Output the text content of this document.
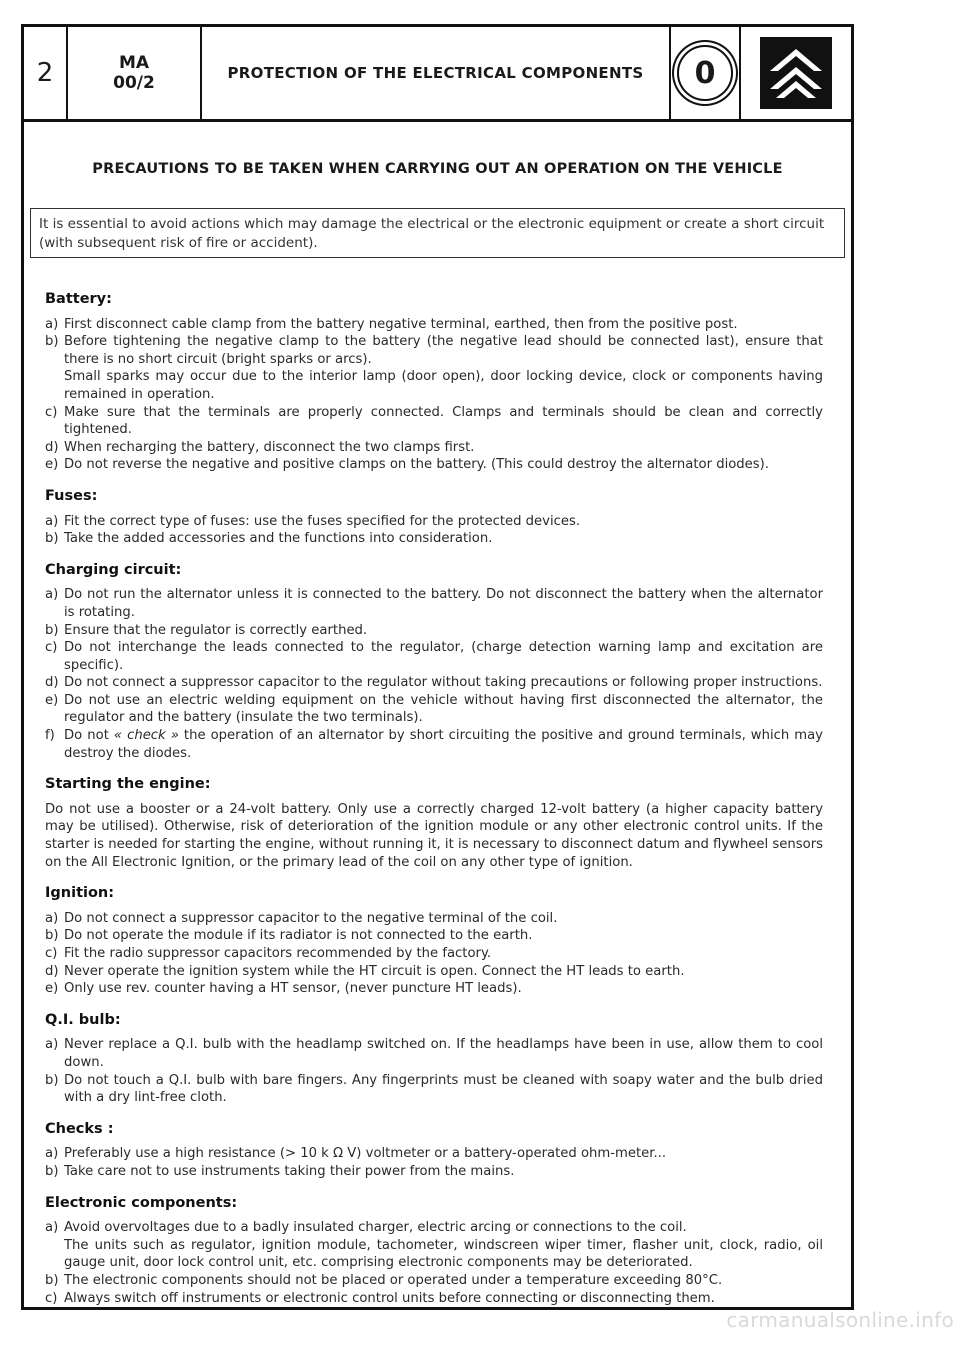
2	MA
00/2	PROTECTION OF THE ELECTRICAL COMPONENTS 0
PRECAUTIONS TO BE TAKEN WHEN CARRYING OUT AN OPERATION ON THE VEHICLE
It is essential to avoid actions which may damage the electrical or the electronic equipment or create a short circuit (with subsequent risk of fire or accident).
Battery:
a) First disconnect cable clamp from the battery negative terminal, earthed, then from the positive post.
b) Before tightening the negative clamp to the battery (the negative lead should be connected last), ensure that there is no short circuit (bright sparks or arcs).
Small sparks may occur due to the interior lamp (door open), door locking device, clock or components having remained in operation.
c) Make sure that the terminals are properly connected. Clamps and terminals should be clean and correctly tightened.
d) When recharging the battery, disconnect the two clamps first.
e) Do not reverse the negative and positive clamps on the battery. (This could destroy the alternator diodes).
Fuses:
a) Fit the correct type of fuses: use the fuses specified for the protected devices.
b) Take the added accessories and the functions into consideration.
Charging circuit:
a) Do not run the alternator unless it is connected to the battery. Do not disconnect the battery when the alternator is rotating.
b) Ensure that the regulator is correctly earthed.
c) Do not interchange the leads connected to the regulator, (charge detection warning lamp and excitation are specific).
d) Do not connect a suppressor capacitor to the regulator without taking precautions or following proper instructions.
e) Do not use an electric welding equipment on the vehicle without having first disconnected the alternator, the regulator and the battery (insulate the two terminals).
f) Do not « check » the operation of an alternator by short circuiting the positive and ground terminals, which may destroy the diodes.
Starting the engine:
Do not use a booster or a 24-volt battery. Only use a correctly charged 12-volt battery (a higher capacity battery may be utilised). Otherwise, risk of deterioration of the ignition module or any other electronic control units. If the starter is needed for starting the engine, without running it, it is necessary to disconnect datum and flywheel sensors on the All Electronic Ignition, or the primary lead of the coil on any other type of ignition.
Ignition:
a) Do not connect a suppressor capacitor to the negative terminal of the coil.
b) Do not operate the module if its radiator is not connected to the earth.
c) Fit the radio suppressor capacitors recommended by the factory.
d) Never operate the ignition system while the HT circuit is open. Connect the HT leads to earth.
e) Only use rev. counter having a HT sensor, (never puncture HT leads).
Q.I. bulb:
a) Never replace a Q.I. bulb with the headlamp switched on. If the headlamps have been in use, allow them to cool down.
b) Do not touch a Q.I. bulb with bare fingers. Any fingerprints must be cleaned with soapy water and the bulb dried with a dry lint-free cloth.
Checks :
a) Preferably use a high resistance (> 10 k Ω V) voltmeter or a battery-operated ohm-meter...
b) Take care not to use instruments taking their power from the mains.
Electronic components:
a) Avoid overvoltages due to a badly insulated charger, electric arcing or connections to the coil.
The units such as regulator, ignition module, tachometer, windscreen wiper timer, flasher unit, clock, radio, oil gauge unit, door lock control unit, etc. comprising electronic components may be deteriorated.
b) The electronic components should not be placed or operated under a temperature exceeding 80°C.
c) Always switch off instruments or electronic control units before connecting or disconnecting them.
carmanualsonline.info
